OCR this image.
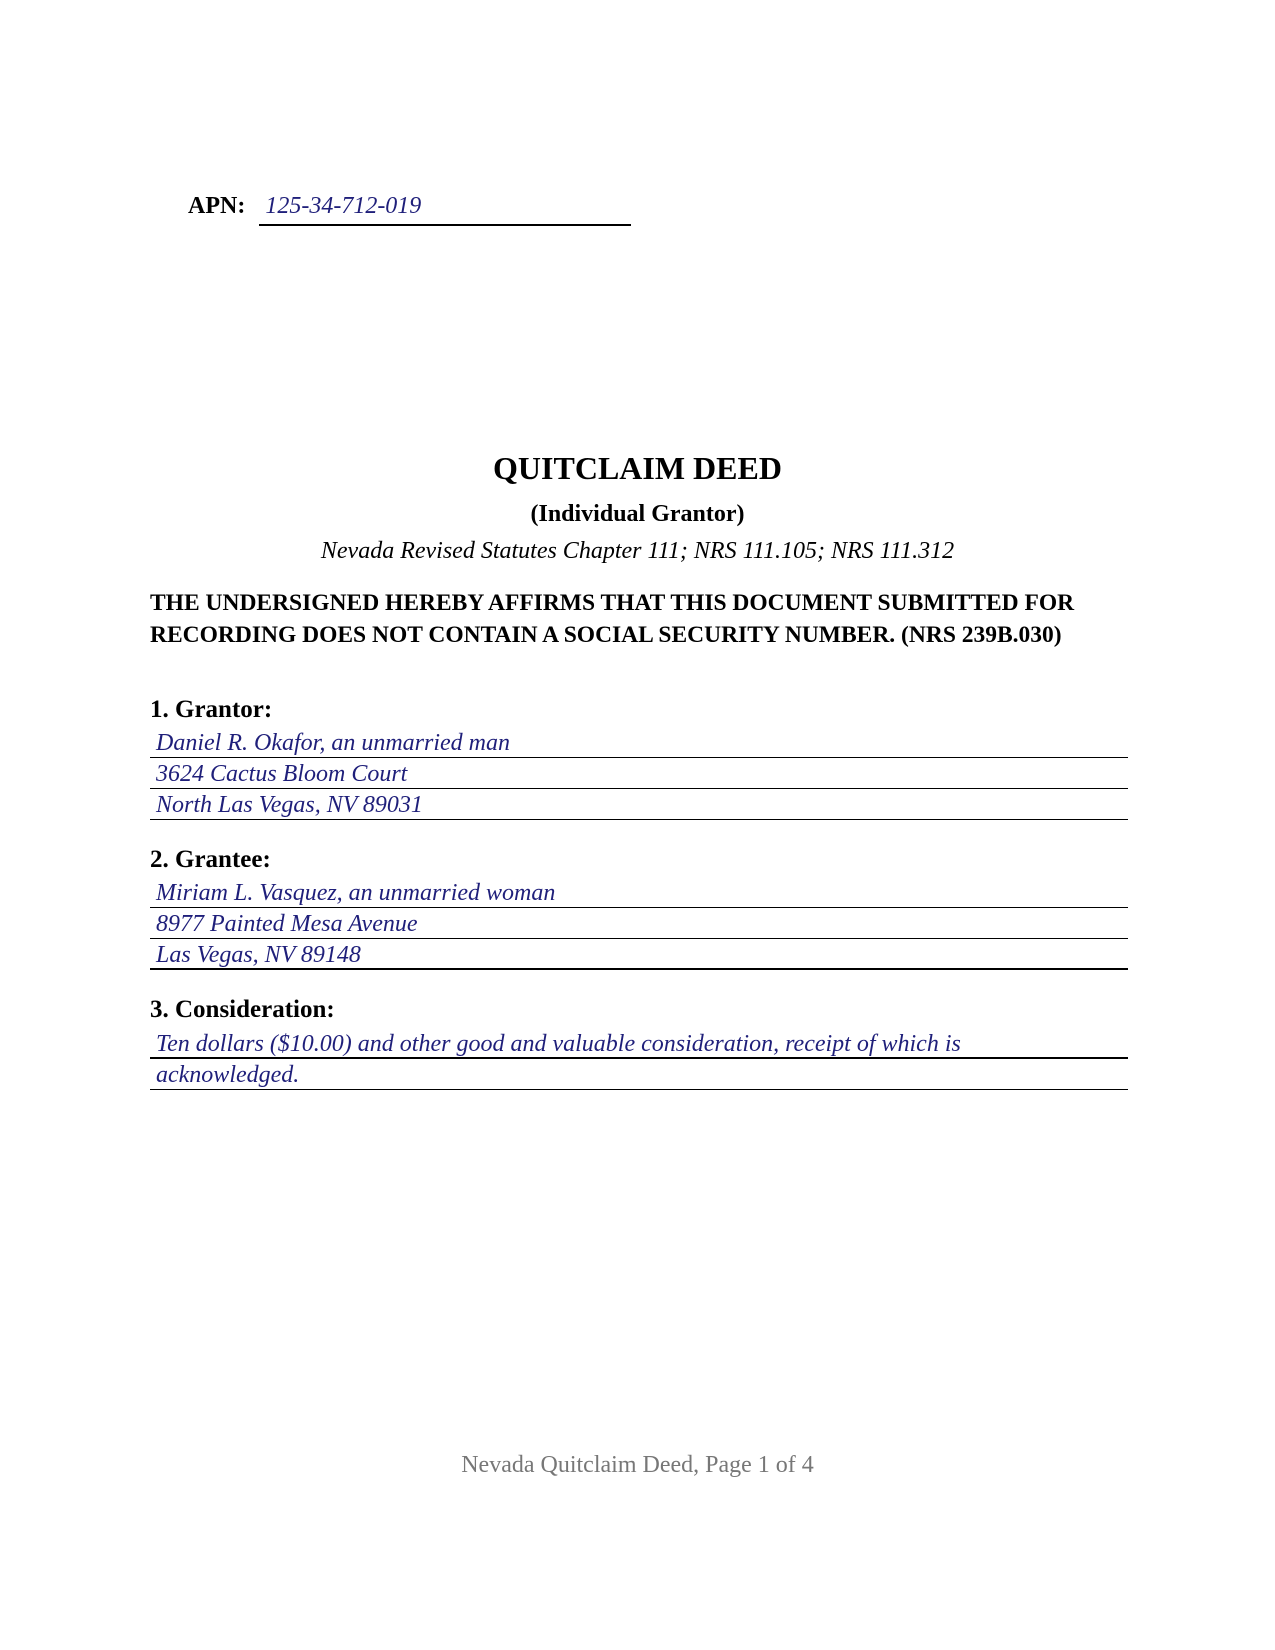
APN: 125-34-712-019
QUITCLAIM DEED
(Individual Grantor)
Nevada Revised Statutes Chapter 111; NRS 111.105; NRS 111.312
THE UNDERSIGNED HEREBY AFFIRMS THAT THIS DOCUMENT SUBMITTED FOR RECORDING DOES NOT CONTAIN A SOCIAL SECURITY NUMBER. (NRS 239B.030)
1. Grantor:
Daniel R. Okafor, an unmarried man
3624 Cactus Bloom Court
North Las Vegas, NV 89031
2. Grantee:
Miriam L. Vasquez, an unmarried woman
8977 Painted Mesa Avenue
Las Vegas, NV 89148
3. Consideration:
Ten dollars ($10.00) and other good and valuable consideration, receipt of which is
acknowledged.
Nevada Quitclaim Deed, Page 1 of 4
